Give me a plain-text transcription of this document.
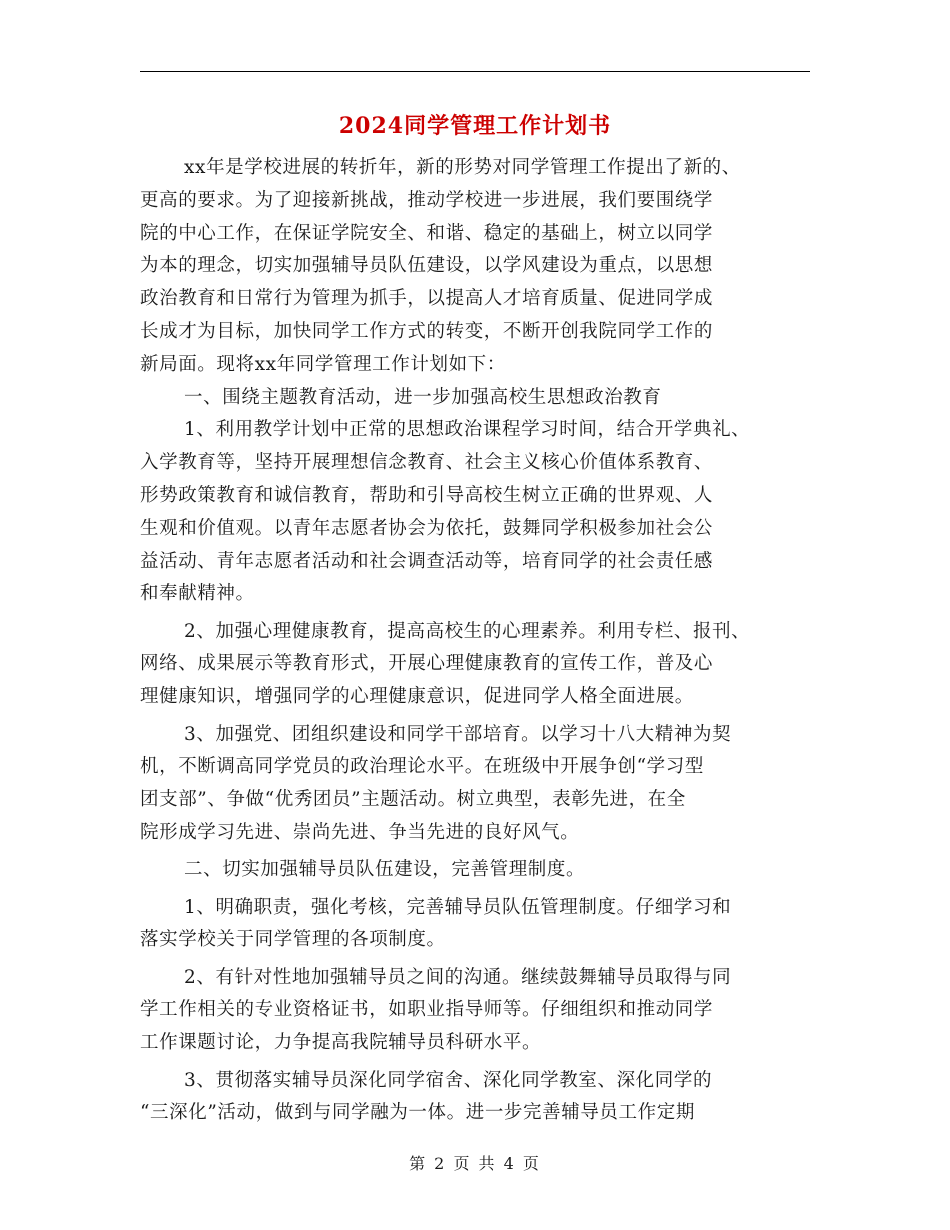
2024同学管理工作计划书
xx年是学校进展的转折年，新的形势对同学管理工作提出了新的、
更高的要求。为了迎接新挑战，推动学校进一步进展，我们要围绕学
院的中心工作，在保证学院安全、和谐、稳定的基础上，树立以同学
为本的理念，切实加强辅导员队伍建设，以学风建设为重点，以思想
政治教育和日常行为管理为抓手，以提高人才培育质量、促进同学成
长成才为目标，加快同学工作方式的转变，不断开创我院同学工作的
新局面。现将xx年同学管理工作计划如下：
一、围绕主题教育活动，进一步加强高校生思想政治教育
1、利用教学计划中正常的思想政治课程学习时间，结合开学典礼、
入学教育等，坚持开展理想信念教育、社会主义核心价值体系教育、
形势政策教育和诚信教育，帮助和引导高校生树立正确的世界观、人
生观和价值观。以青年志愿者协会为依托，鼓舞同学积极参加社会公
益活动、青年志愿者活动和社会调查活动等，培育同学的社会责任感
和奉献精神。
2、加强心理健康教育，提高高校生的心理素养。利用专栏、报刊、
网络、成果展示等教育形式，开展心理健康教育的宣传工作，普及心
理健康知识，增强同学的心理健康意识，促进同学人格全面进展。
3、加强党、团组织建设和同学干部培育。以学习十八大精神为契
机，不断调高同学党员的政治理论水平。在班级中开展争创“学习型
团支部”、争做“优秀团员”主题活动。树立典型，表彰先进，在全
院形成学习先进、崇尚先进、争当先进的良好风气。
二、切实加强辅导员队伍建设，完善管理制度。
1、明确职责，强化考核，完善辅导员队伍管理制度。仔细学习和
落实学校关于同学管理的各项制度。
2、有针对性地加强辅导员之间的沟通。继续鼓舞辅导员取得与同
学工作相关的专业资格证书，如职业指导师等。仔细组织和推动同学
工作课题讨论，力争提高我院辅导员科研水平。
3、贯彻落实辅导员深化同学宿舍、深化同学教室、深化同学的
“三深化”活动，做到与同学融为一体。进一步完善辅导员工作定期
第 2 页 共 4 页
